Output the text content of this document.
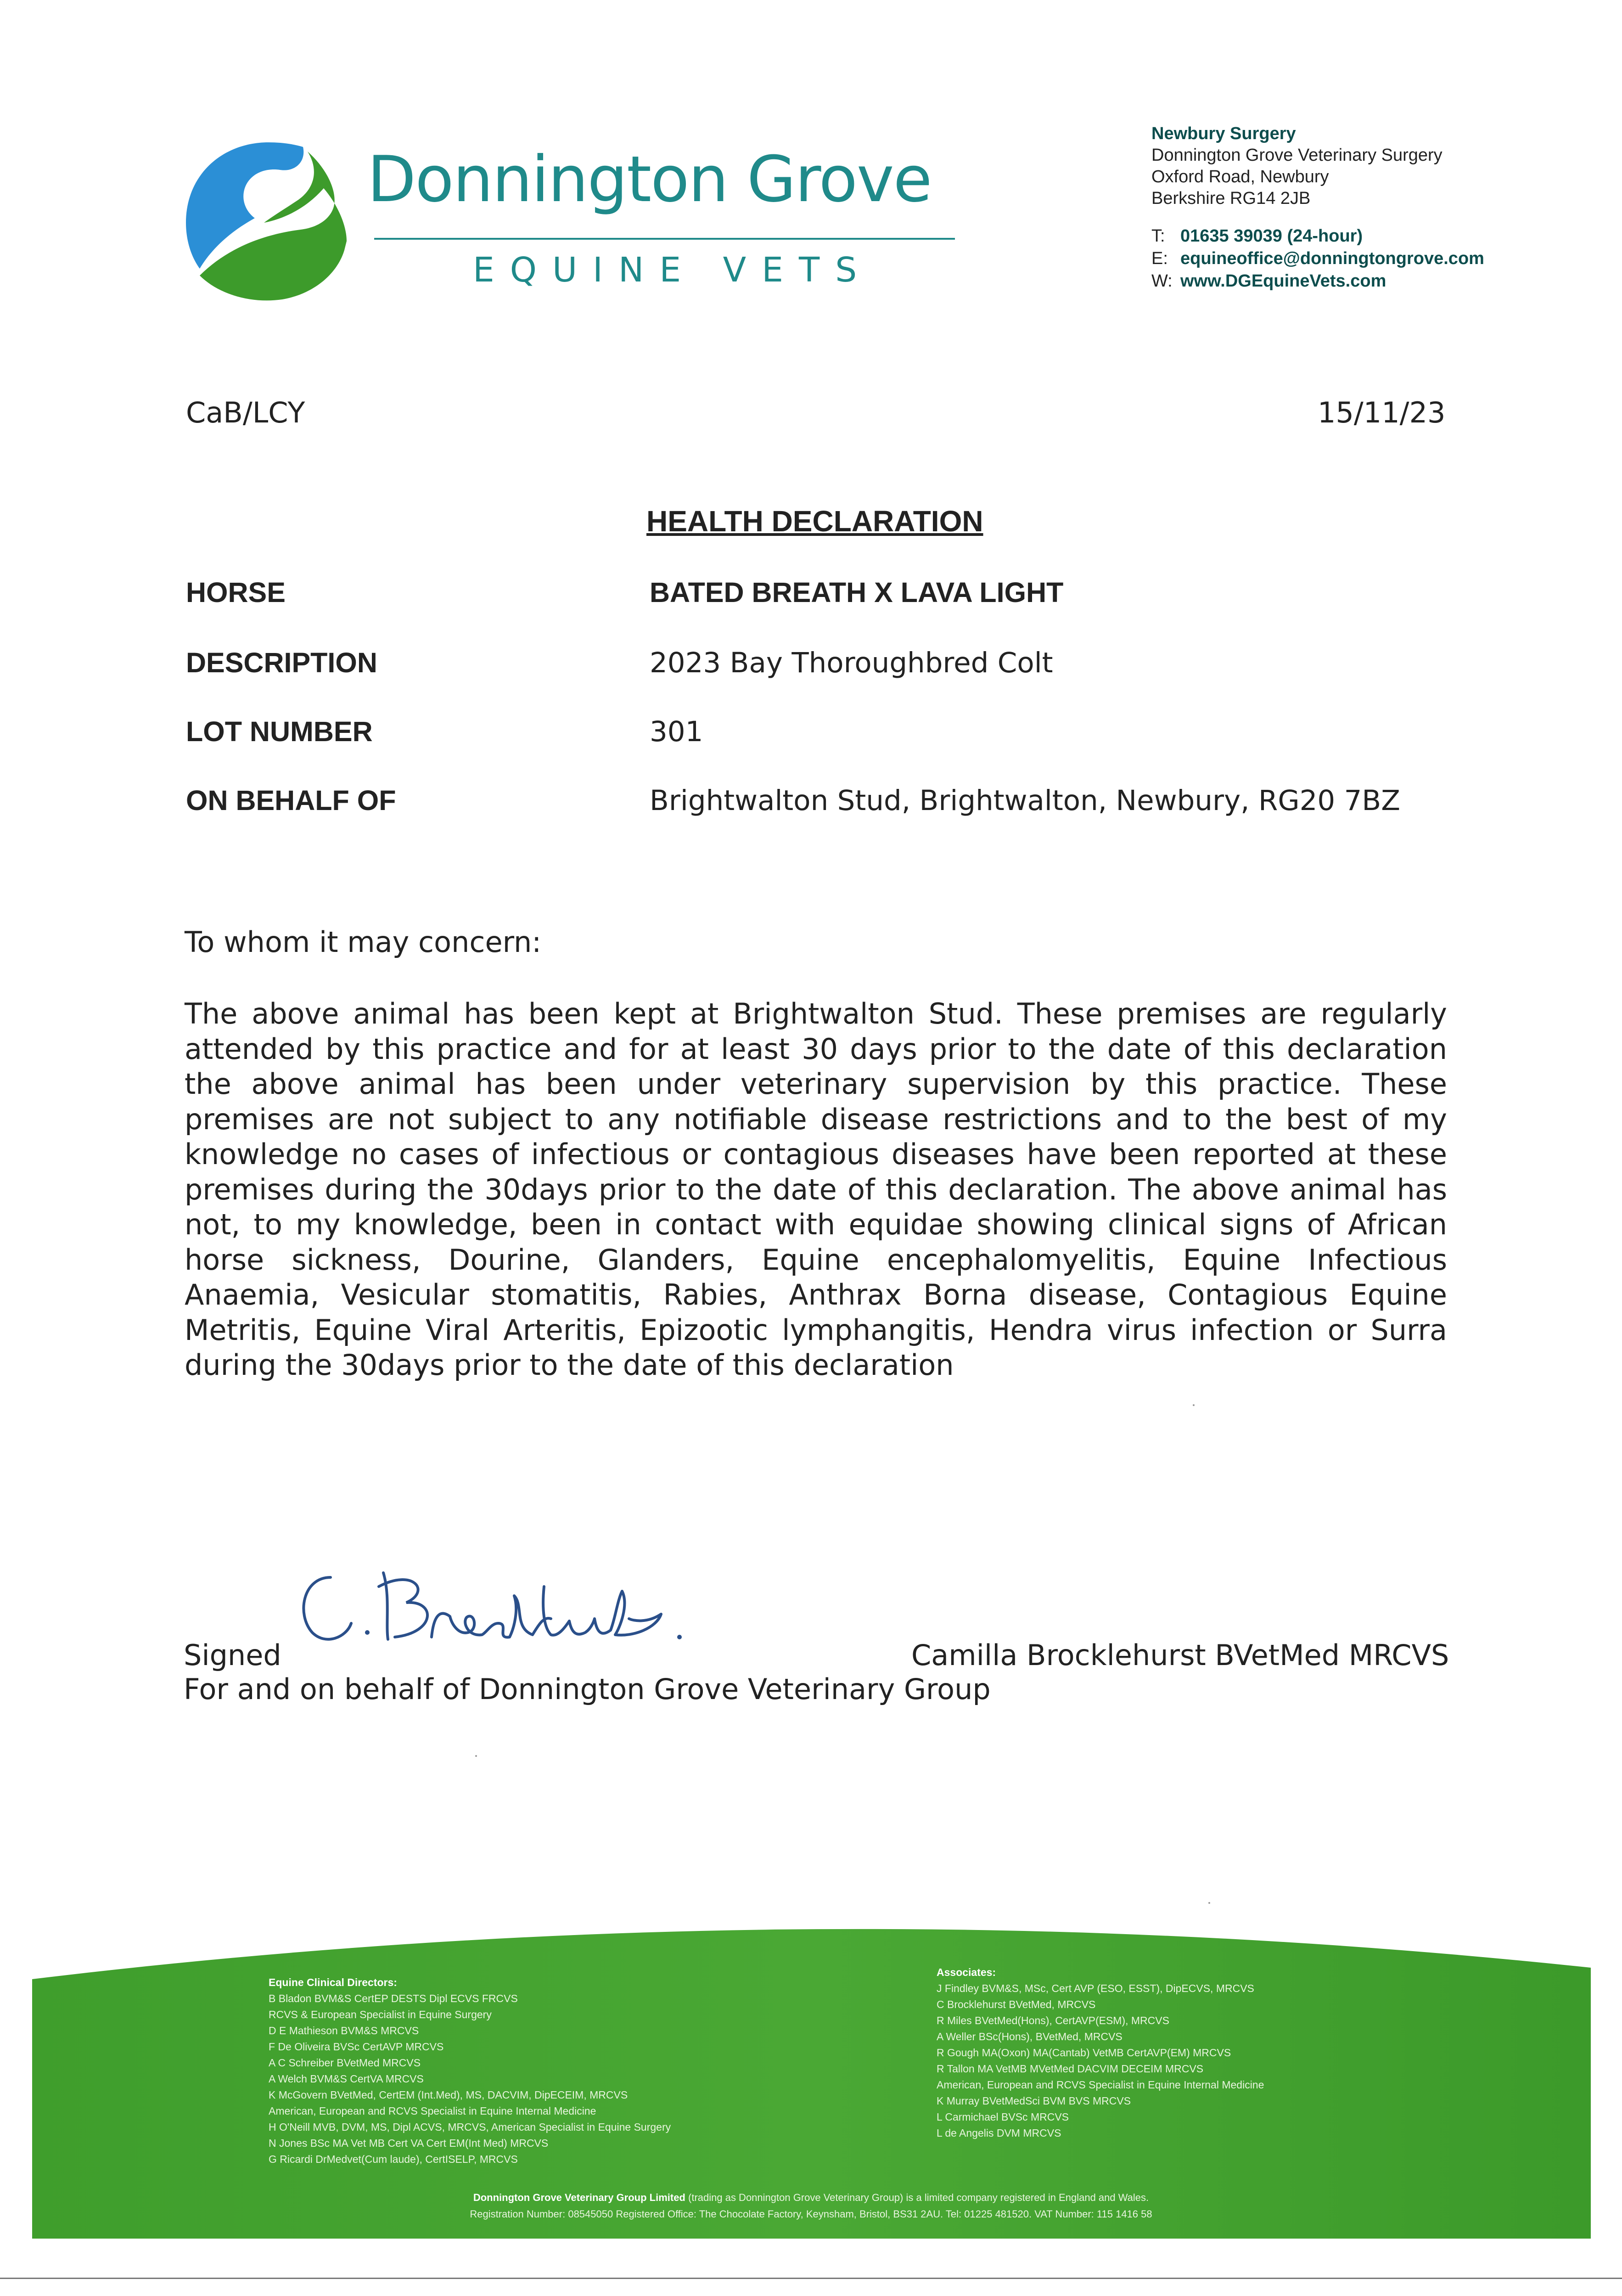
Donnington Grove
EQUINE VETS
Newbury Surgery
Donnington Grove Veterinary Surgery
Oxford Road, Newbury
Berkshire RG14 2JB
T: 01635 39039 (24-hour)
E: equineoffice@donningtongrove.com
W: www.DGEquineVets.com
CaB/LCY	15/11/23
HEALTH DECLARATION
HORSE	BATED BREATH X LAVA LIGHT
DESCRIPTION	2023 Bay Thoroughbred Colt
LOT NUMBER	301
ON BEHALF OF	Brightwalton Stud, Brightwalton, Newbury, RG20 7BZ
To whom it may concern:
The above animal has been kept at Brightwalton Stud. These premises are regularly attended by this practice and for at least 30 days prior to the date of this declaration the above animal has been under veterinary supervision by this practice. These premises are not subject to any notifiable disease restrictions and to the best of my knowledge no cases of infectious or contagious diseases have been reported at these premises during the 30days prior to the date of this declaration. The above animal has not, to my knowledge, been in contact with equidae showing clinical signs of African horse sickness, Dourine, Glanders, Equine encephalomyelitis, Equine Infectious Anaemia, Vesicular stomatitis, Rabies, Anthrax Borna disease, Contagious Equine Metritis, Equine Viral Arteritis, Epizootic lymphangitis, Hendra virus infection or Surra during the 30days prior to the date of this declaration
Signed	Camilla Brocklehurst BVetMed MRCVS
For and on behalf of Donnington Grove Veterinary Group
Equine Clinical Directors:
B Bladon BVM&S CertEP DESTS Dipl ECVS FRCVS
RCVS & European Specialist in Equine Surgery
D E Mathieson BVM&S MRCVS
F De Oliveira BVSc CertAVP MRCVS
A C Schreiber BVetMed MRCVS
A Welch BVM&S CertVA MRCVS
K McGovern BVetMed, CertEM (Int.Med), MS, DACVIM, DipECEIM, MRCVS
American, European and RCVS Specialist in Equine Internal Medicine
H O'Neill MVB, DVM, MS, Dipl ACVS, MRCVS, American Specialist in Equine Surgery
N Jones BSc MA Vet MB Cert VA Cert EM(Int Med) MRCVS
G Ricardi DrMedvet(Cum laude), CertISELP, MRCVS
Associates:
J Findley BVM&S, MSc, Cert AVP (ESO, ESST), DipECVS, MRCVS
C Brocklehurst BVetMed, MRCVS
R Miles BVetMed(Hons), CertAVP(ESM), MRCVS
A Weller BSc(Hons), BVetMed, MRCVS
R Gough MA(Oxon) MA(Cantab) VetMB CertAVP(EM) MRCVS
R Tallon MA VetMB MVetMed DACVIM DECEIM MRCVS
American, European and RCVS Specialist in Equine Internal Medicine
K Murray BVetMedSci BVM BVS MRCVS
L Carmichael BVSc MRCVS
L de Angelis DVM MRCVS
Donnington Grove Veterinary Group Limited (trading as Donnington Grove Veterinary Group) is a limited company registered in England and Wales.
Registration Number: 08545050 Registered Office: The Chocolate Factory, Keynsham, Bristol, BS31 2AU. Tel: 01225 481520. VAT Number: 115 1416 58
